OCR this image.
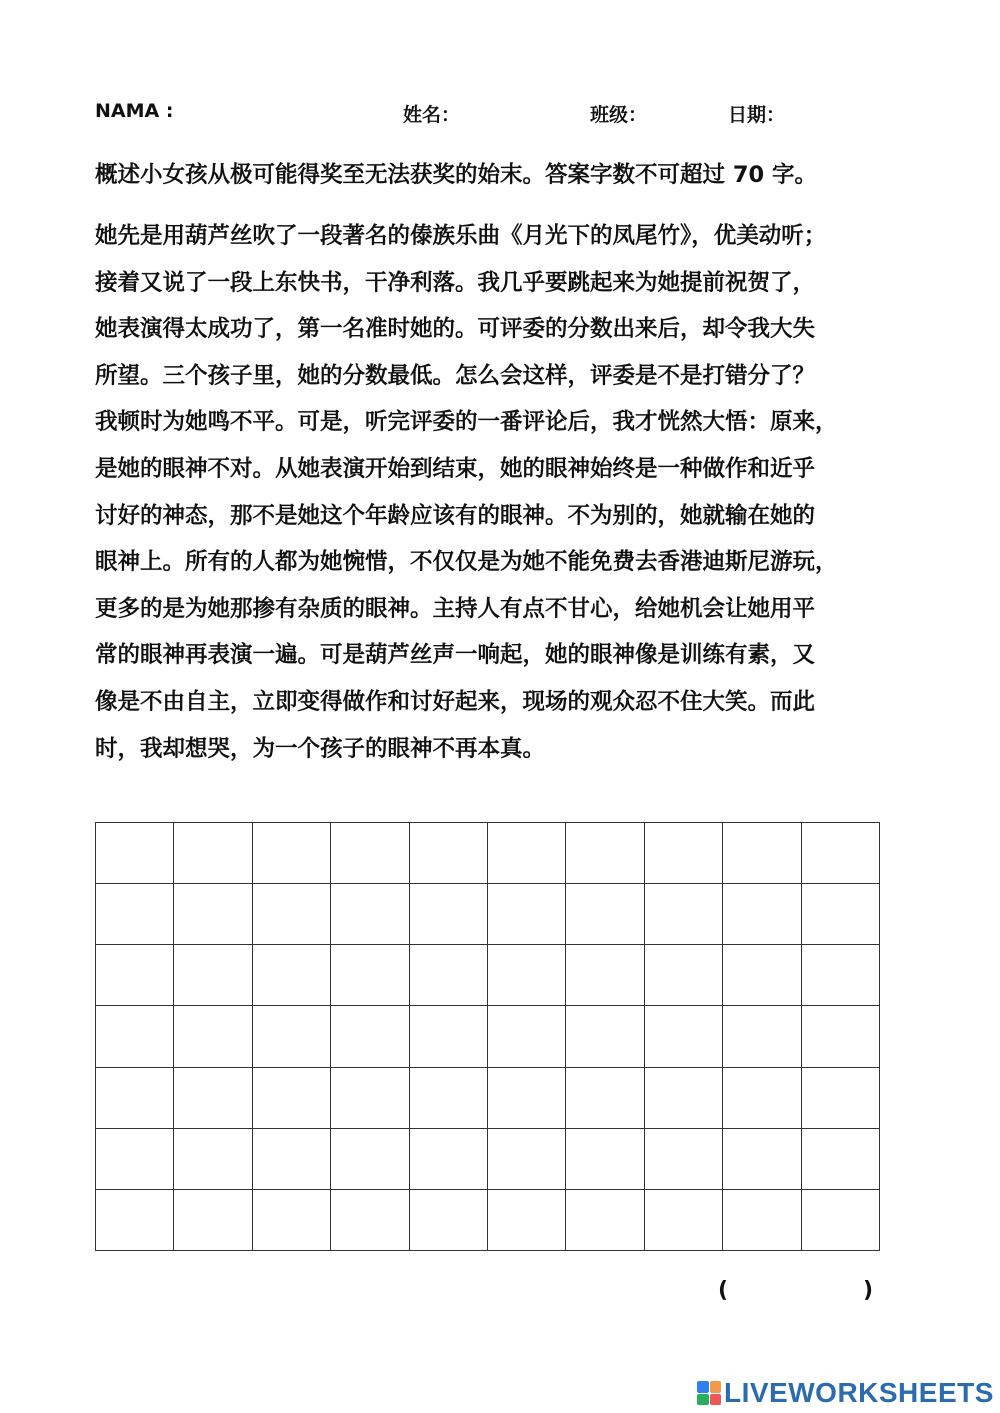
NAMA :	姓名：	班级：	日期：
概述小女孩从极可能得奖至无法获奖的始末。答案字数不可超过 70 字。
她先是用葫芦丝吹了一段著名的傣族乐曲《月光下的凤尾竹》，优美动听；
接着又说了一段上东快书，干净利落。我几乎要跳起来为她提前祝贺了，
她表演得太成功了，第一名准时她的。可评委的分数出来后，却令我大失
所望。三个孩子里，她的分数最低。怎么会这样，评委是不是打错分了？
我顿时为她鸣不平。可是，听完评委的一番评论后，我才恍然大悟：原来，
是她的眼神不对。从她表演开始到结束，她的眼神始终是一种做作和近乎
讨好的神态，那不是她这个年龄应该有的眼神。不为别的，她就输在她的
眼神上。所有的人都为她惋惜，不仅仅是为她不能免费去香港迪斯尼游玩，
更多的是为她那掺有杂质的眼神。主持人有点不甘心，给她机会让她用平
常的眼神再表演一遍。可是葫芦丝声一响起，她的眼神像是训练有素，又
像是不由自主，立即变得做作和讨好起来，现场的观众忍不住大笑。而此
时，我却想哭，为一个孩子的眼神不再本真。
(	)
LIVEWORKSHEETS
